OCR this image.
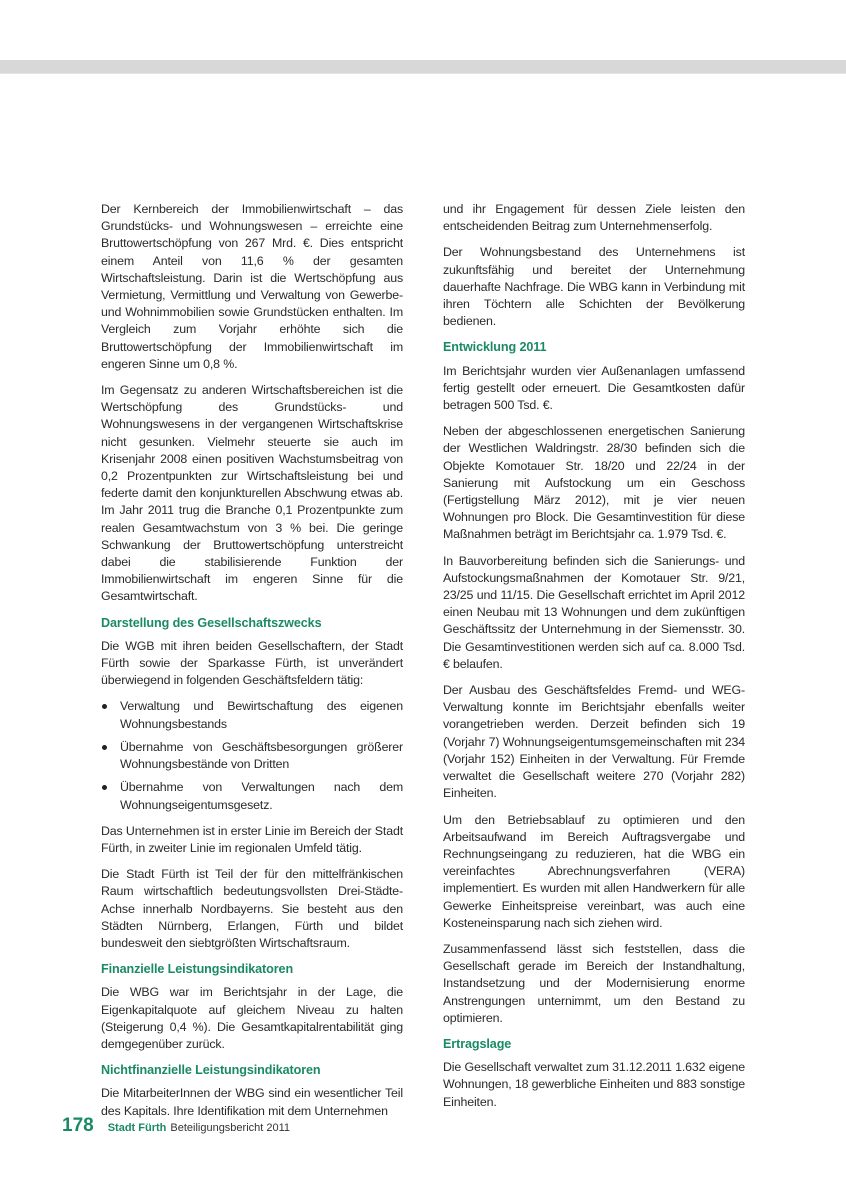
Der Kernbereich der Immobilienwirtschaft – das Grundstücks- und Wohnungswesen – erreichte eine Bruttowertschöpfung von 267 Mrd. €. Dies entspricht einem Anteil von 11,6 % der gesamten Wirtschaftsleistung. Darin ist die Wertschöpfung aus Vermietung, Vermittlung und Verwaltung von Gewerbe- und Wohnimmobilien sowie Grundstücken enthalten. Im Vergleich zum Vorjahr erhöhte sich die Bruttowertschöpfung der Immobilienwirtschaft im engeren Sinne um 0,8 %.

Im Gegensatz zu anderen Wirtschaftsbereichen ist die Wertschöpfung des Grundstücks- und Wohnungswesens in der vergangenen Wirtschaftskrise nicht gesunken. Vielmehr steuerte sie auch im Krisenjahr 2008 einen positiven Wachstumsbeitrag von 0,2 Prozentpunkten zur Wirtschaftsleistung bei und federte damit den konjunkturellen Abschwung etwas ab. Im Jahr 2011 trug die Branche 0,1 Prozentpunkte zum realen Gesamtwachstum von 3 % bei. Die geringe Schwankung der Bruttowertschöpfung unterstreicht dabei die stabilisierende Funktion der Immobilienwirtschaft im engeren Sinne für die Gesamtwirtschaft.

Darstellung des Gesellschaftszwecks

Die WGB mit ihren beiden Gesellschaftern, der Stadt Fürth sowie der Sparkasse Fürth, ist unverändert überwiegend in folgenden Geschäftsfeldern tätig:

Verwaltung und Bewirtschaftung des eigenen Wohnungsbestands
Übernahme von Geschäftsbesorgungen größerer Wohnungsbestände von Dritten
Übernahme von Verwaltungen nach dem Wohnungseigentumsgesetz.

Das Unternehmen ist in erster Linie im Bereich der Stadt Fürth, in zweiter Linie im regionalen Umfeld tätig.

Die Stadt Fürth ist Teil der für den mittelfränkischen Raum wirtschaftlich bedeutungsvollsten Drei-Städte-Achse innerhalb Nordbayerns. Sie besteht aus den Städten Nürnberg, Erlangen, Fürth und bildet bundesweit den siebtgrößten Wirtschaftsraum.

Finanzielle Leistungsindikatoren

Die WBG war im Berichtsjahr in der Lage, die Eigenkapitalquote auf gleichem Niveau zu halten (Steigerung 0,4 %). Die Gesamtkapitalrentabilität ging demgegenüber zurück.

Nichtfinanzielle Leistungsindikatoren

Die MitarbeiterInnen der WBG sind ein wesentlicher Teil des Kapitals. Ihre Identifikation mit dem Unternehmen

und ihr Engagement für dessen Ziele leisten den entscheidenden Beitrag zum Unternehmenserfolg.

Der Wohnungsbestand des Unternehmens ist zukunftsfähig und bereitet der Unternehmung dauerhafte Nachfrage. Die WBG kann in Verbindung mit ihren Töchtern alle Schichten der Bevölkerung bedienen.

Entwicklung 2011

Im Berichtsjahr wurden vier Außenanlagen umfassend fertig gestellt oder erneuert. Die Gesamtkosten dafür betragen 500 Tsd. €.

Neben der abgeschlossenen energetischen Sanierung der Westlichen Waldringstr. 28/30 befinden sich die Objekte Komotauer Str. 18/20 und 22/24 in der Sanierung mit Aufstockung um ein Geschoss (Fertigstellung März 2012), mit je vier neuen Wohnungen pro Block. Die Gesamtinvestition für diese Maßnahmen beträgt im Berichtsjahr ca. 1.979 Tsd. €.

In Bauvorbereitung befinden sich die Sanierungs- und Aufstockungsmaßnahmen der Komotauer Str. 9/21, 23/25 und 11/15. Die Gesellschaft errichtet im April 2012 einen Neubau mit 13 Wohnungen und dem zukünftigen Geschäftssitz der Unternehmung in der Siemensstr. 30. Die Gesamtinvestitionen werden sich auf ca. 8.000 Tsd. € belaufen.

Der Ausbau des Geschäftsfeldes Fremd- und WEG-Verwaltung konnte im Berichtsjahr ebenfalls weiter vorangetrieben werden. Derzeit befinden sich 19 (Vorjahr 7) Wohnungseigentumsgemeinschaften mit 234 (Vorjahr 152) Einheiten in der Verwaltung. Für Fremde verwaltet die Gesellschaft weitere 270 (Vorjahr 282) Einheiten.

Um den Betriebsablauf zu optimieren und den Arbeitsaufwand im Bereich Auftragsvergabe und Rechnungseingang zu reduzieren, hat die WBG ein vereinfachtes Abrechnungsverfahren (VERA) implementiert. Es wurden mit allen Handwerkern für alle Gewerke Einheitspreise vereinbart, was auch eine Kosteneinsparung nach sich ziehen wird.

Zusammenfassend lässt sich feststellen, dass die Gesellschaft gerade im Bereich der Instandhaltung, Instandsetzung und der Modernisierung enorme Anstrengungen unternimmt, um den Bestand zu optimieren.

Ertragslage

Die Gesellschaft verwaltet zum 31.12.2011 1.632 eigene Wohnungen, 18 gewerbliche Einheiten und 883 sonstige Einheiten.

178 Stadt Fürth Beteiligungsbericht 2011
